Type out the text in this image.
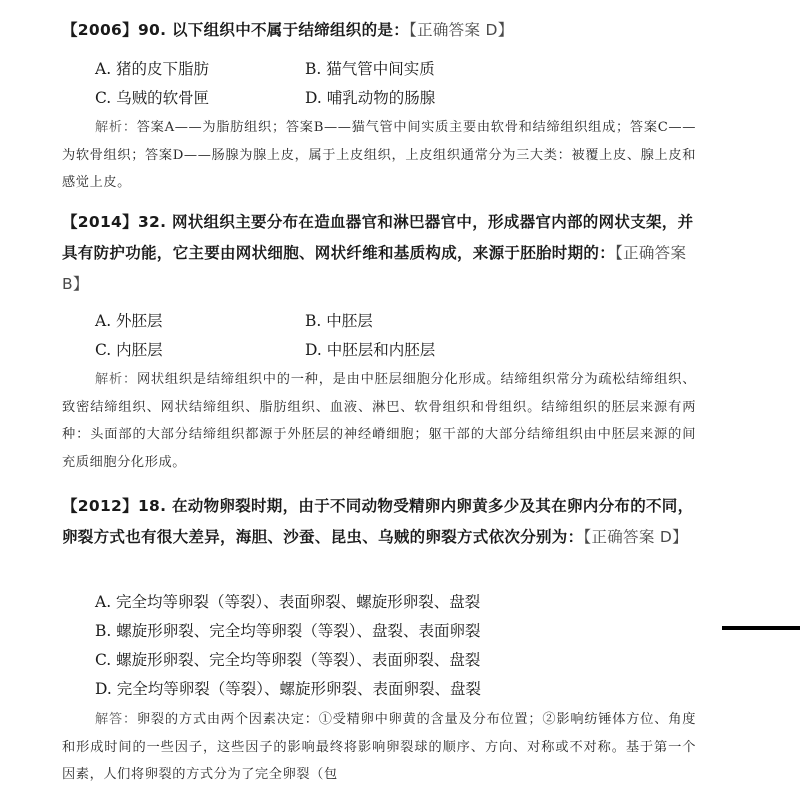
【2006】90. 以下组织中不属于结缔组织的是：【正确答案 D】
A. 猪的皮下脂肪	B. 猫气管中间实质
C. 乌贼的软骨匣	D. 哺乳动物的肠腺
解析：答案A——为脂肪组织；答案B——猫气管中间实质主要由软骨和结缔组织组成；答案C——为软骨组织；答案D——肠腺为腺上皮，属于上皮组织，上皮组织通常分为三大类：被覆上皮、腺上皮和感觉上皮。
【2014】32. 网状组织主要分布在造血器官和淋巴器官中，形成器官内部的网状支架，并具有防护功能，它主要由网状细胞、网状纤维和基质构成，来源于胚胎时期的：【正确答案 B】
A. 外胚层	B. 中胚层
C. 内胚层	D. 中胚层和内胚层
解析：网状组织是结缔组织中的一种，是由中胚层细胞分化形成。结缔组织常分为疏松结缔组织、致密结缔组织、网状结缔组织、脂肪组织、血液、淋巴、软骨组织和骨组织。结缔组织的胚层来源有两种：头面部的大部分结缔组织都源于外胚层的神经嵴细胞；躯干部的大部分结缔组织由中胚层来源的间充质细胞分化形成。
【2012】18. 在动物卵裂时期，由于不同动物受精卵内卵黄多少及其在卵内分布的不同，卵裂方式也有很大差异，海胆、沙蚕、昆虫、乌贼的卵裂方式依次分别为：【正确答案 D】
A. 完全均等卵裂（等裂）、表面卵裂、螺旋形卵裂、盘裂
B. 螺旋形卵裂、完全均等卵裂（等裂）、盘裂、表面卵裂
C. 螺旋形卵裂、完全均等卵裂（等裂）、表面卵裂、盘裂
D. 完全均等卵裂（等裂）、螺旋形卵裂、表面卵裂、盘裂
解答：卵裂的方式由两个因素决定：①受精卵中卵黄的含量及分布位置；②影响纺锤体方位、角度和形成时间的一些因子，这些因子的影响最终将影响卵裂球的顺序、方向、对称或不对称。基于第一个因素，人们将卵裂的方式分为了完全卵裂（包
